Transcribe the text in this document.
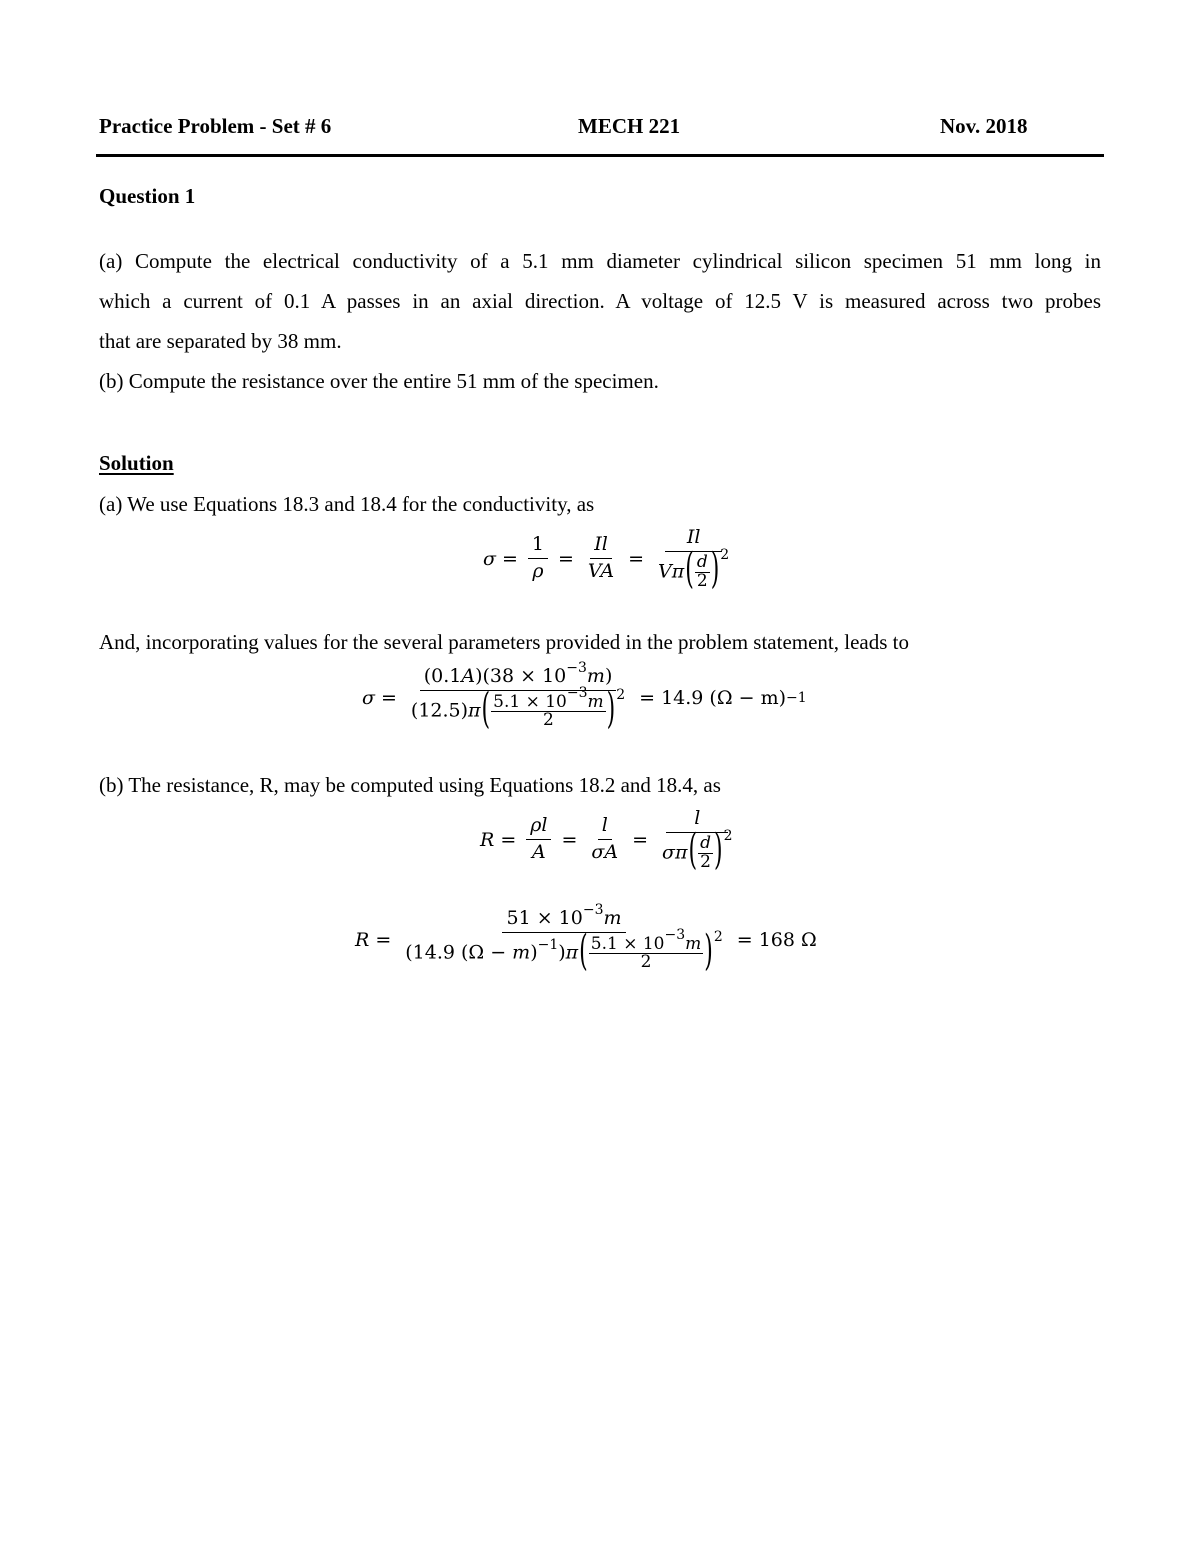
Practice Problem - Set # 6	MECH 221	Nov. 2018
Question 1
(a) Compute the electrical conductivity of a 5.1 mm diameter cylindrical silicon specimen 51 mm long in
which a current of 0.1 A passes in an axial direction. A voltage of 12.5 V is measured across two probes
that are separated by 38 mm.
(b) Compute the resistance over the entire 51 mm of the specimen.
Solution
(a) We use Equations 18.3 and 18.4 for the conductivity, as
$\sigma = \frac{1}{\rho} = \frac{Il}{VA} = \frac{Il}{V\pi( \frac{d}{2} )^2}$
And, incorporating values for the several parameters provided in the problem statement, leads to
$\sigma = \frac{(0.1A)(38 \times 10^{-3}m)}{(12.5)\pi( \frac{5.1 \times 10^{-3}m}{2} )^2} = 14.9$ (Ω − m) −1
(b) The resistance, R, may be computed using Equations 18.2 and 18.4, as
$R = \frac{\rho l}{A} = \frac{l}{\sigma A} = \frac{l}{\sigma\pi( \frac{d}{2} )^2}$
$R = \frac{51 \times 10^{-3}m}{(14.9 (\Omega - m)^{-1})\pi( \frac{5.1 \times 10^{-3}m}{2} )^2} = 168$ Ω
